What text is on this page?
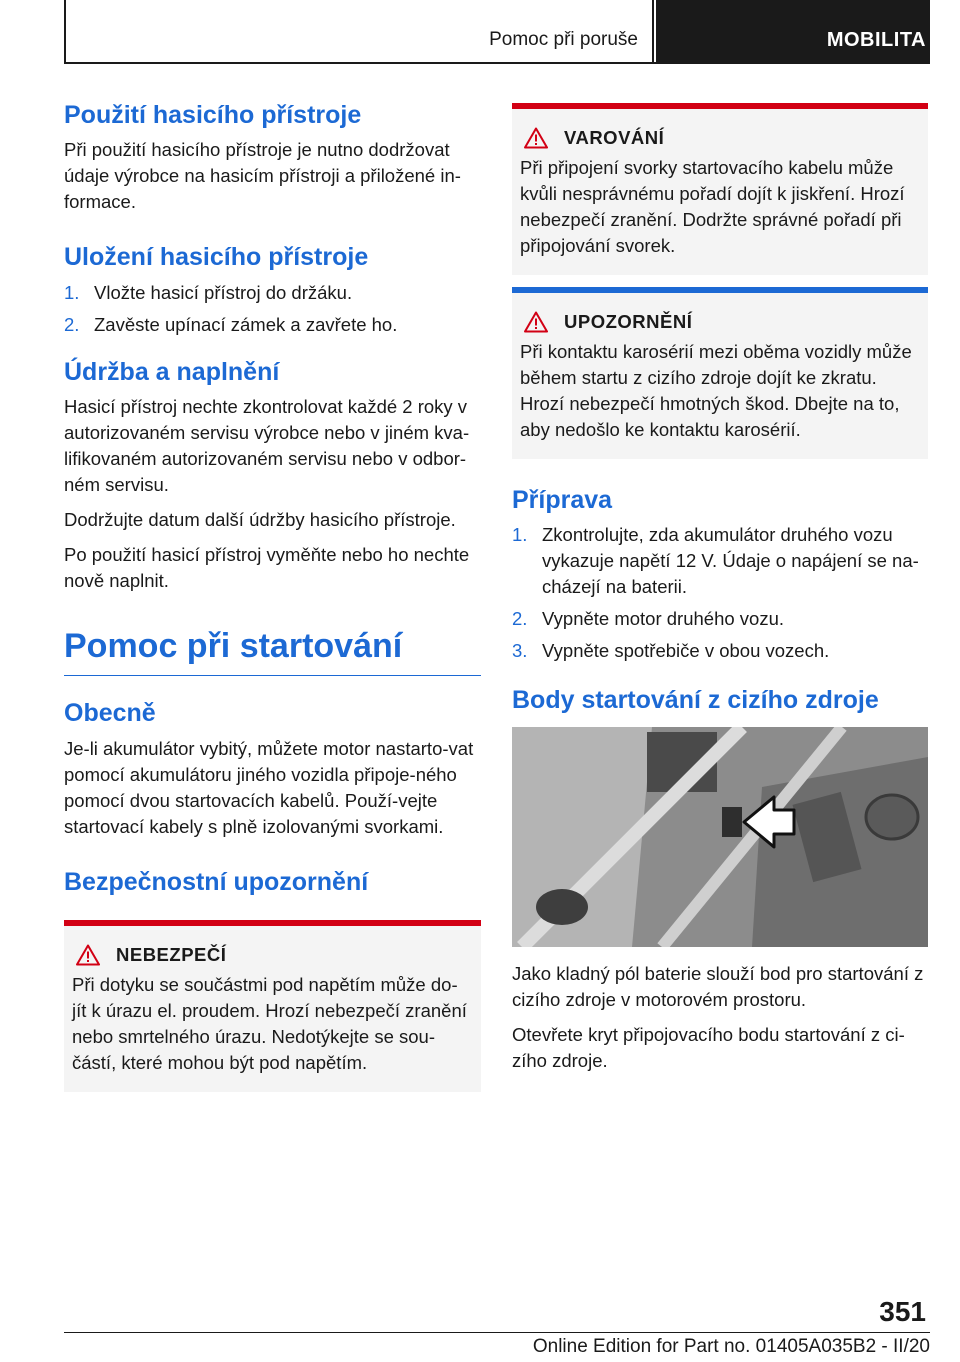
Pomoc při poruše	MOBILITA
Použití hasicího přístroje

Při použití hasicího přístroje je nutno dodržovat údaje výrobce na hasicím přístroji a přiložené in-formace.

Uložení hasicího přístroje
1. Vložte hasicí přístroj do držáku.
2. Zavěste upínací zámek a zavřete ho.
Údržba a naplnění

Hasicí přístroj nechte zkontrolovat každé 2 roky v autorizovaném servisu výrobce nebo v jiném kva-lifikovaném autorizovaném servisu nebo v odbor-ném servisu.

Dodržujte datum další údržby hasicího přístroje.

Po použití hasicí přístroj vyměňte nebo ho nechte nově naplnit.

Pomoc při startování
Obecně

Je-li akumulátor vybitý, můžete motor nastarto-vat pomocí akumulátoru jiného vozidla připoje-ného pomocí dvou startovacích kabelů. Použí-vejte startovací kabely s plně izolovanými svorkami.

Bezpečnostní upozornění
NEBEZPEČÍ

Při dotyku se součástmi pod napětím může do-jít k úrazu el. proudem. Hrozí nebezpečí zranění nebo smrtelného úrazu. Nedotýkejte se sou-částí, které mohou být pod napětím.

VAROVÁNÍ

Při připojení svorky startovacího kabelu může kvůli nesprávnému pořadí dojít k jiskření. Hrozí nebezpečí zranění. Dodržte správné pořadí při připojování svorek.

UPOZORNĚNÍ

Při kontaktu karosérií mezi oběma vozidly může během startu z cizího zdroje dojít ke zkratu. Hrozí nebezpečí hmotných škod. Dbejte na to, aby nedošlo ke kontaktu karosérií.

Příprava
1. Zkontrolujte, zda akumulátor druhého vozu vykazuje napětí 12 V. Údaje o napájení se na-cházejí na baterii.
2. Vypněte motor druhého vozu.
3. Vypněte spotřebiče v obou vozech.
Body startování z cizího zdroje

Jako kladný pól baterie slouží bod pro startování z cizího zdroje v motorovém prostoru.

Otevřete kryt připojovacího bodu startování z ci-zího zdroje.

351
Online Edition for Part no. 01405A035B2 - II/20
